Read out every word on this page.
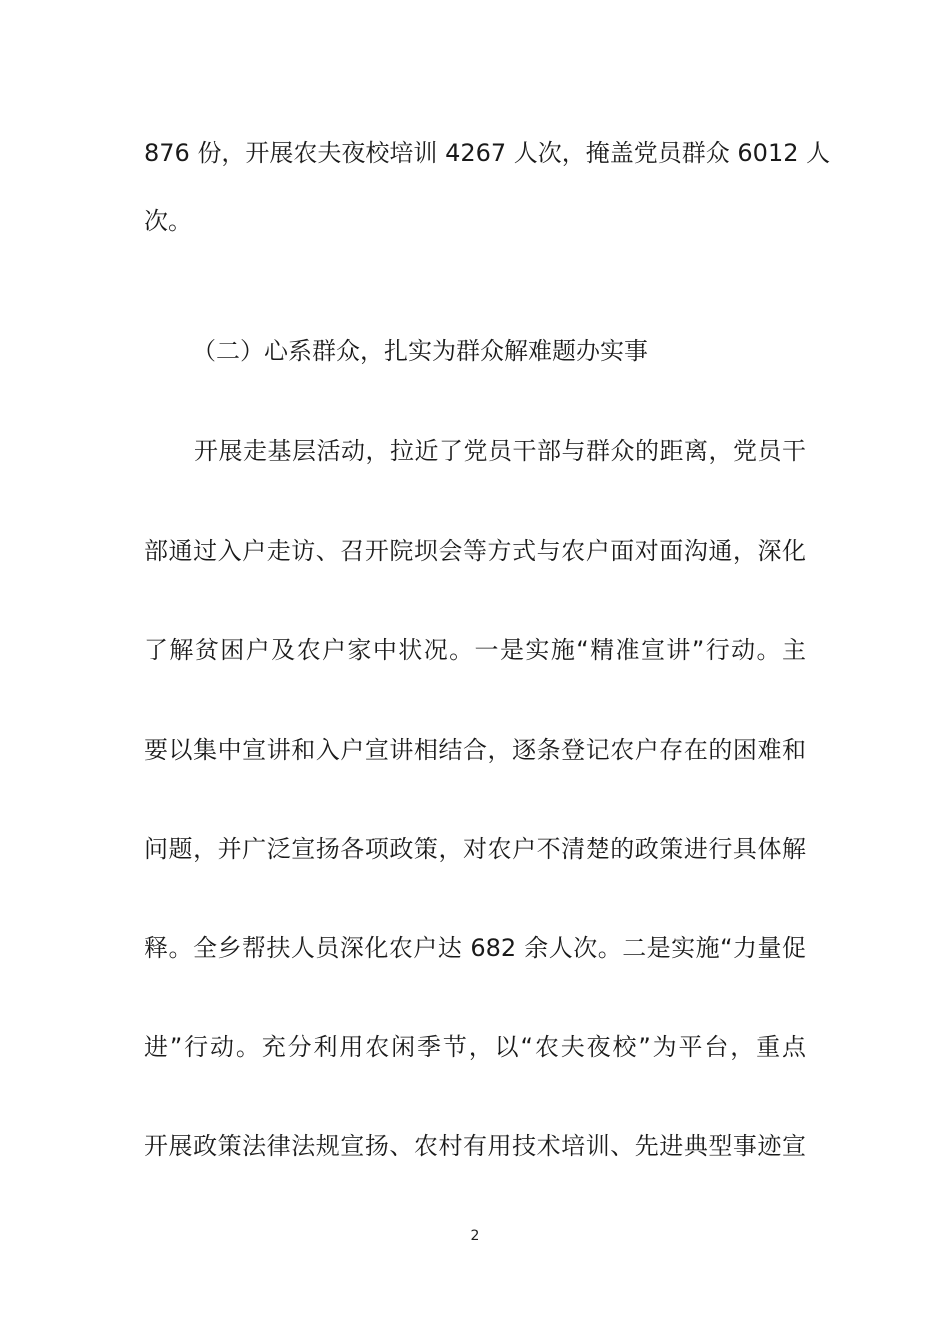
876 份，开展农夫夜校培训 4267 人次，掩盖党员群众 6012 人
次。
（二）心系群众，扎实为群众解难题办实事
开展走基层活动，拉近了党员干部与群众的距离，党员干
部通过入户走访、召开院坝会等方式与农户面对面沟通，深化
了解贫困户及农户家中状况。一是实施“精准宣讲”行动。主
要以集中宣讲和入户宣讲相结合，逐条登记农户存在的困难和
问题，并广泛宣扬各项政策，对农户不清楚的政策进行具体解
释。全乡帮扶人员深化农户达 682 余人次。二是实施“力量促
进”行动。充分利用农闲季节，以“农夫夜校”为平台，重点
开展政策法律法规宣扬、农村有用技术培训、先进典型事迹宣
2
